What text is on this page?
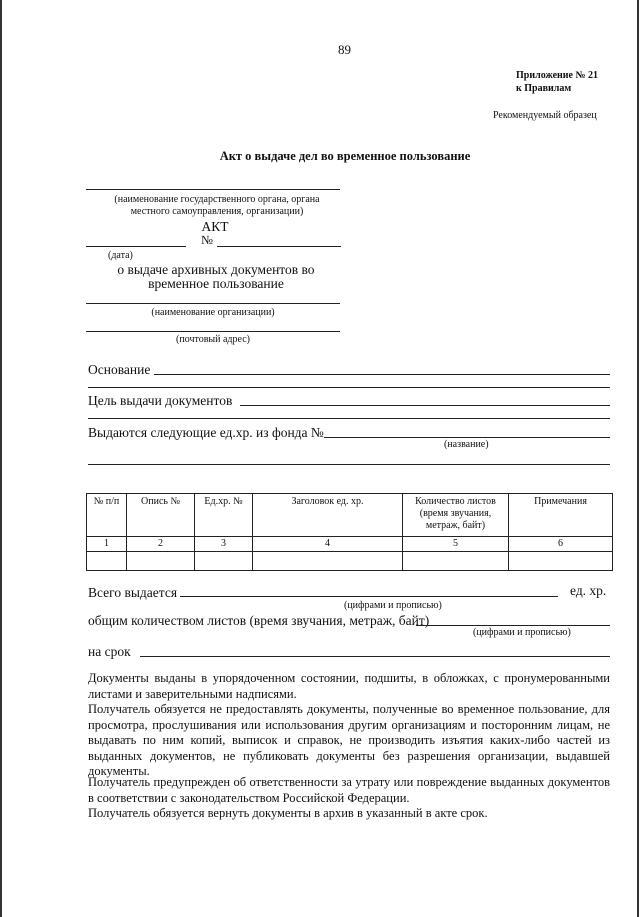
89
Приложение № 21
к Правилам
Рекомендуемый образец
Акт о выдаче дел во временное пользование
(наименование государственного органа, органа
местного самоуправления, организации)
АКТ
№
(дата)
о выдаче архивных документов во
временное пользование
(наименование организации)
(почтовый адрес)
Основание
Цель выдачи документов
Выдаются следующие ед.хр. из фонда №
(название)
№ п/п	Опись №	Ед.хр. №	Заголовок ед. хр.	Количество листов (время звучания, метраж, байт)	Примечания
1	2	3	4	5	6

Всего выдается	ед. хр.
(цифрами и прописью)
общим количеством листов (время звучания, метраж, байт)
(цифрами и прописью)
на срок
Документы выданы в упорядоченном состоянии, подшиты, в обложках, с пронумерованными листами и заверительными надписями.
Получатель обязуется не предоставлять документы, полученные во временное пользование, для просмотра, прослушивания или использования другим организациям и посторонним лицам, не выдавать по ним копий, выписок и справок, не производить изъятия каких-либо частей из выданных документов, не публиковать документы без разрешения организации, выдавшей документы.
Получатель предупрежден об ответственности за утрату или повреждение выданных документов в соответствии с законодательством Российской Федерации.
Получатель обязуется вернуть документы в архив в указанный в акте срок.
